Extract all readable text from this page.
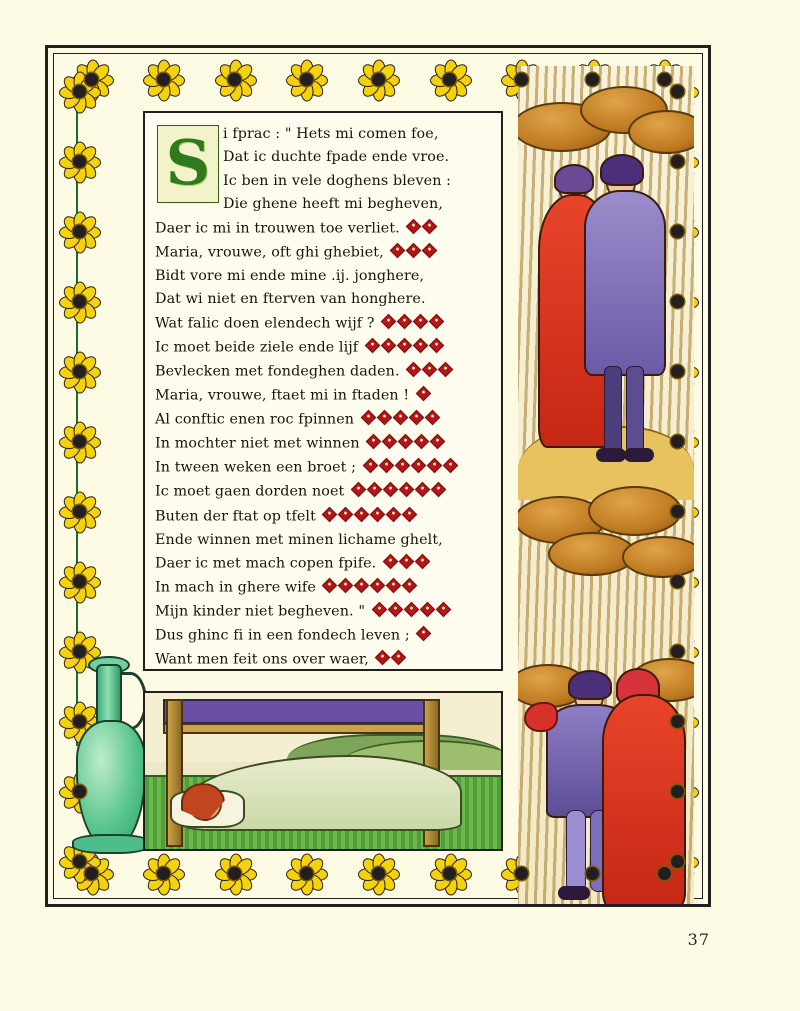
S i fprac : " Hets mi comen foe,
Dat ic duchte fpade ende vroe.
Ic ben in vele doghens bleven :
Die ghene heeft mi begheven,
Daer ic mi in trouwen toe verliet.
Maria, vrouwe, oft ghi ghebiet,
Bidt vore mi ende mine .ij. jonghere,
Dat wi niet en fterven van honghere.
Wat falic doen elendech wijf ?
Ic moet beide ziele ende lijf
Bevlecken met fondeghen daden.
Maria, vrouwe, ftaet mi in ftaden !
Al conftic enen roc fpinnen
In mochter niet met winnen
In tween weken een broet ;
Ic moet gaen dorden noet
Buten der ftat op tfelt
Ende winnen met minen lichame ghelt,
Daer ic met mach copen fpife.
In mach in ghere wife
Mijn kinder niet begheven. "
Dus ghinc fi in een fondech leven ;
Want men feit ons over waer,
37
